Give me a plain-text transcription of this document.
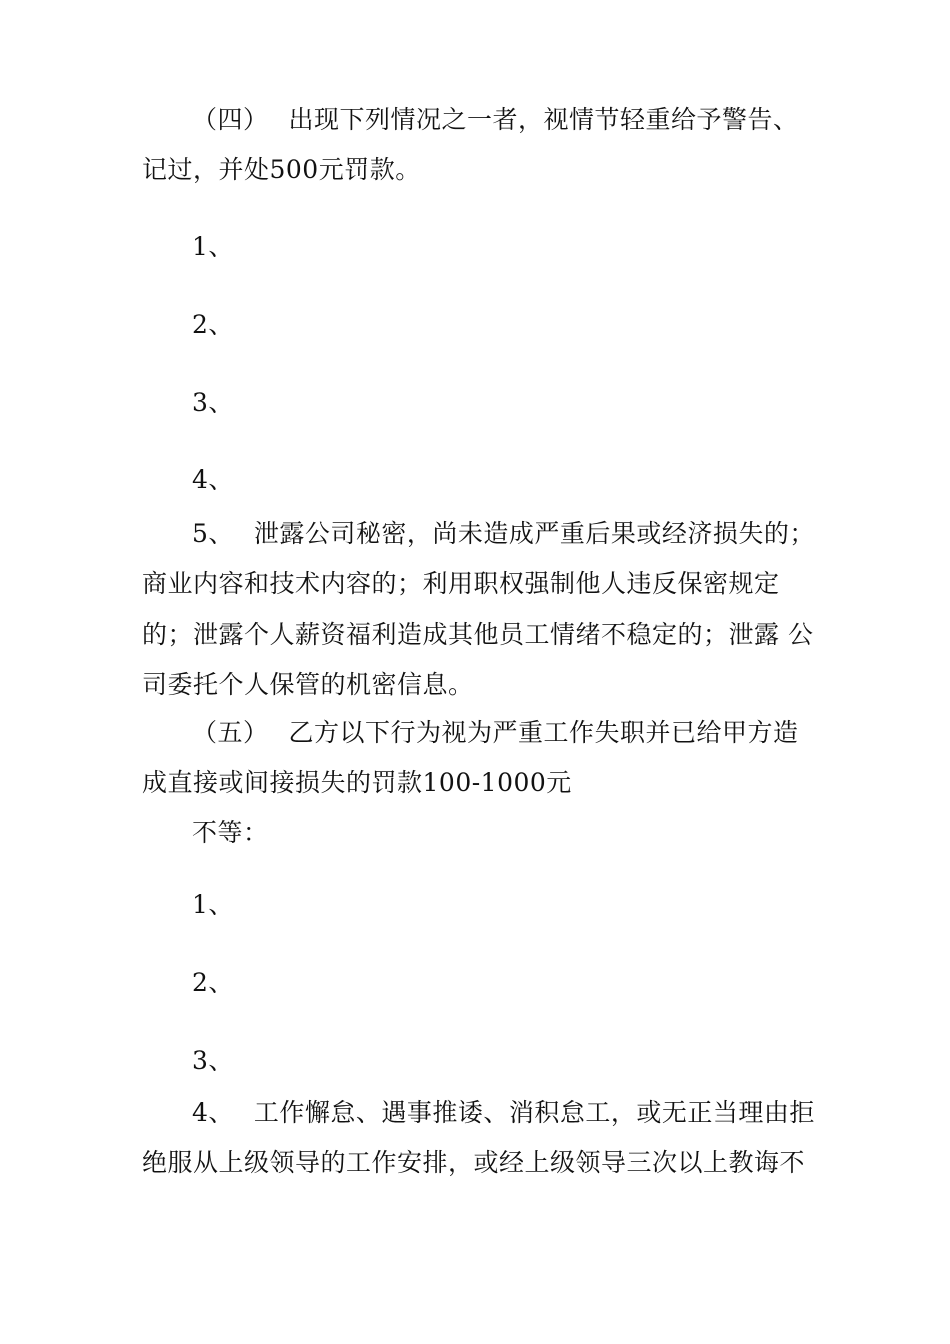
（四） 出现下列情况之一者，视情节轻重给予警告、
记过，并处500元罚款。
1、
2、
3、
4、
5、 泄露公司秘密，尚未造成严重后果或经济损失的；
商业内容和技术内容的；利用职权强制他人违反保密规定
的；泄露个人薪资福利造成其他员工情绪不稳定的；泄露 公
司委托个人保管的机密信息。
（五） 乙方以下行为视为严重工作失职并已给甲方造
成直接或间接损失的罚款100-1000元
不等：
1、
2、
3、
4、 工作懈怠、遇事推诿、消积怠工，或无正当理由拒
绝服从上级领导的工作安排，或经上级领导三次以上教诲不
